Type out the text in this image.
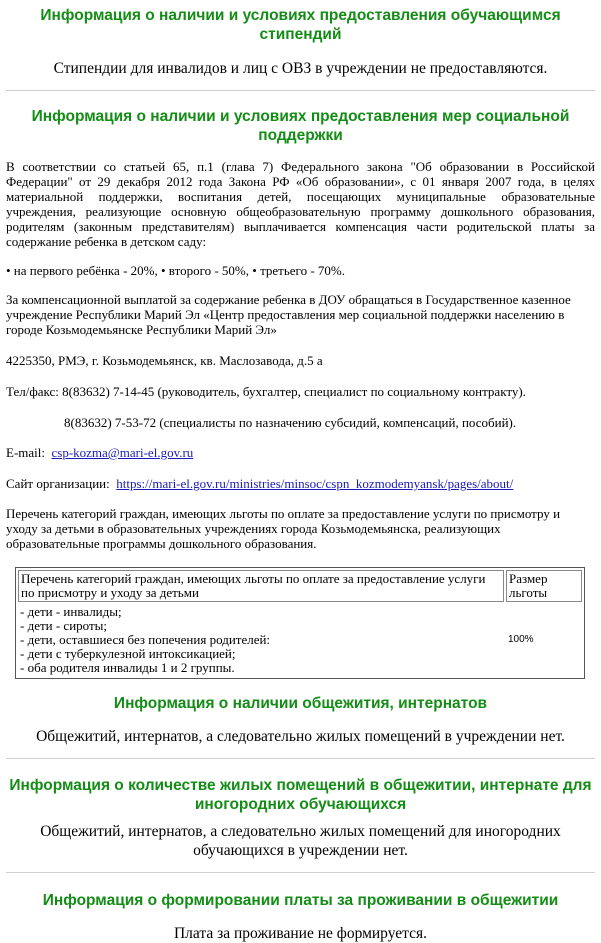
Информация о наличии и условиях предоставления обучающимся стипендий

Стипендии для инвалидов и лиц с ОВЗ в учреждении не предоставляются.

Информация о наличии и условиях предоставления мер социальной поддержки

В соответствии со статьей 65, п.1 (глава 7) Федерального закона "Об образовании в Российской Федерации" от 29 декабря 2012 года Закона РФ «Об образовании», с 01 января 2007 года, в целях материальной поддержки, воспитания детей, посещающих муниципальные образовательные учреждения, реализующие основную общеобразовательную программу дошкольного образования, родителям (законным представителям) выплачивается компенсация части родительской платы за содержание ребенка в детском саду:

• на первого ребёнка - 20%, • второго - 50%, • третьего - 70%.

За компенсационной выплатой за содержание ребенка в ДОУ обращаться в Государственное казенное учреждение Республики Марий Эл «Центр предоставления мер социальной поддержки населению в городе Козьмодемьянске Республики Марий Эл»

4225350, РМЭ, г. Козьмодемьянск, кв. Маслозавода, д.5 а

Тел/факс: 8(83632) 7-14-45 (руководитель, бухгалтер, специалист по социальному контракту).

8(83632) 7-53-72 (специалисты по назначению субсидий, компенсаций, пособий).

E-mail: csp-kozma@mari-el.gov.ru

Сайт организации: https://mari-el.gov.ru/ministries/minsoc/cspn_kozmodemyansk/pages/about/

Перечень категорий граждан, имеющих льготы по оплате за предоставление услуги по присмотру и уходу за детьми в образовательных учреждениях города Козьмодемьянска, реализующих образовательные программы дошкольного образования.

Перечень категорий граждан, имеющих льготы по оплате за предоставление услуги по присмотру и уходу за детьми	Размер льготы

- дети - инвалиды;
- дети - сироты;
- дети, оставшиеся без попечения родителей:
- дети с туберкулезной интоксикацией;
- оба родителя инвалиды 1 и 2 группы.	100%
Информация о наличии общежития, интернатов

Общежитий, интернатов, а следовательно жилых помещений в учреждении нет.

Информация о количестве жилых помещений в общежитии, интернате для иногородних обучающихся

Общежитий, интернатов, а следовательно жилых помещений для иногородних обучающихся в учреждении нет.

Информация о формировании платы за проживании в общежитии

Плата за проживание не формируется.
